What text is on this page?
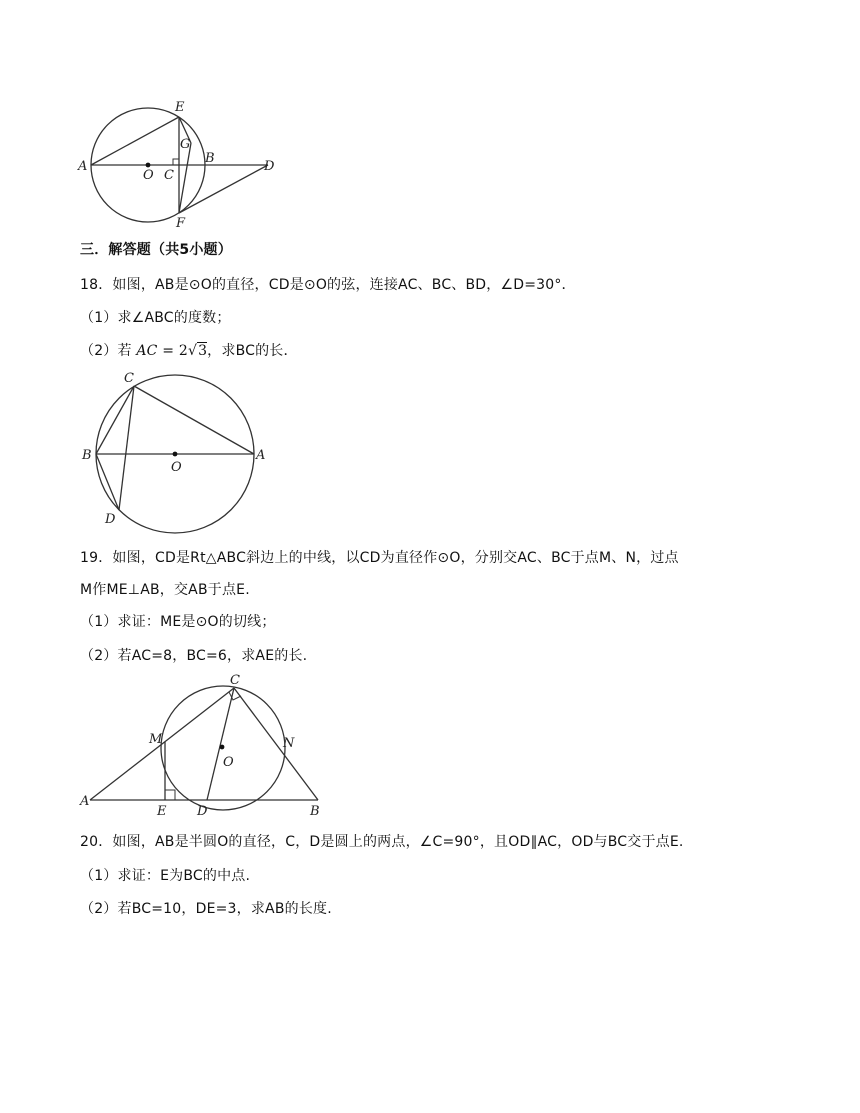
E
G
B
D
A
O C
F
三．解答题（共5小题）
18．如图，AB是⊙O的直径，CD是⊙O的弦，连接AC、BC、BD，∠D=30°．
（1）求∠ABC的度数；
（2）若 AC = 2√3，求BC的长．
C
B
O
A
D
19．如图，CD是Rt△ABC斜边上的中线，以CD为直径作⊙O，分别交AC、BC于点M、N，过点
M作ME⊥AB，交AB于点E.
（1）求证：ME是⊙O的切线；
（2）若AC=8，BC=6，求AE的长.
C
M	N
O
A
E D	B
20．如图，AB是半圆O的直径，C，D是圆上的两点，∠C=90°，且OD∥AC，OD与BC交于点E.
（1）求证：E为BC的中点.
（2）若BC=10，DE=3，求AB的长度.
